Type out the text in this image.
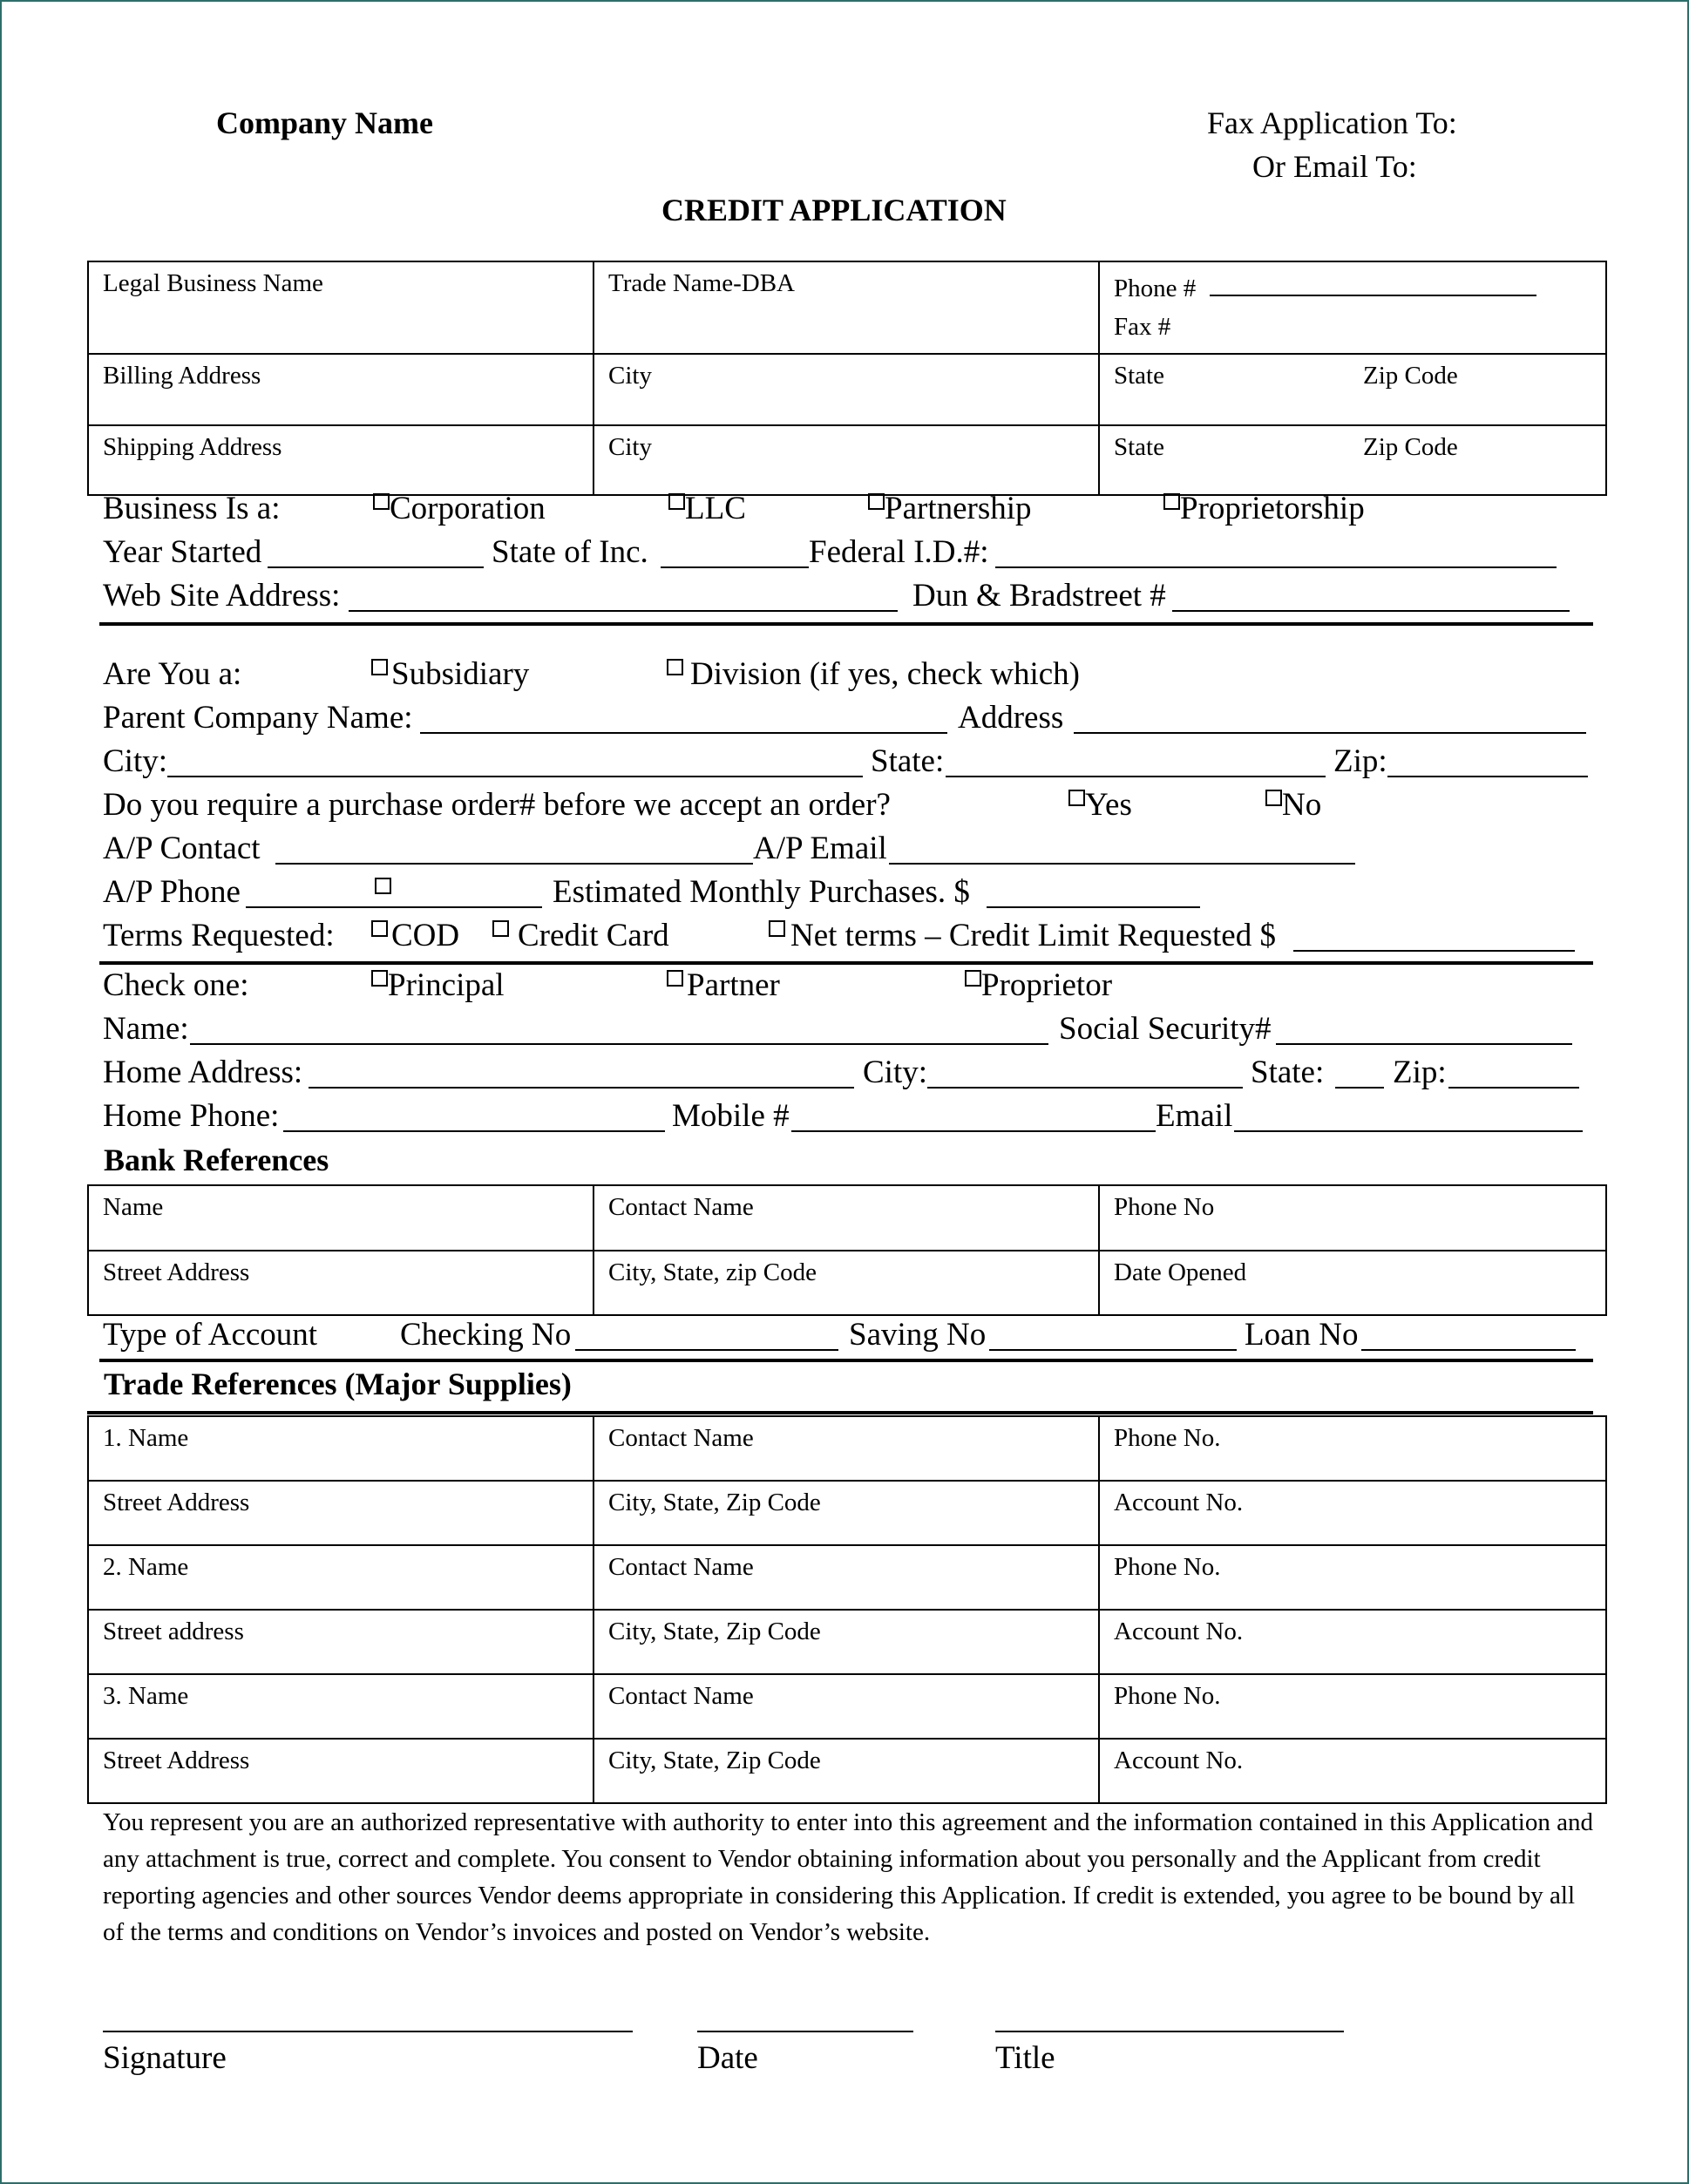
Company Name	Fax Application To:
Or Email To:
CREDIT APPLICATION
Legal Business Name	Trade Name-DBA	Phone #
Fax #

Billing Address	City	State Zip Code
Shipping Address	City	State Zip Code
Business Is a:	Corporation	LLC	Partnership	Proprietorship
Year Started	State of Inc.	Federal I.D.#:
Web Site Address:	Dun & Bradstreet #
Are You a:	Subsidiary	Division (if yes, check which)
Parent Company Name:	Address
City:	State:	Zip:
Do you require a purchase order# before we accept an order?	Yes	No
A/P Contact	A/P Email
A/P Phone	Estimated Monthly Purchases. $
Terms Requested:	COD	Credit Card	Net terms – Credit Limit Requested $
Check one:	Principal	Partner	Proprietor
Name:	Social Security#
Home Address:	City:	State: Zip:
Home Phone:	Mobile #	Email
Bank References
Name	Contact Name	Phone No
Street Address	City, State, zip Code	Date Opened
Type of Account	Checking No	Saving No	Loan No
Trade References (Major Supplies)
1. Name	Contact Name	Phone No.
Street Address	City, State, Zip Code	Account No.
2. Name	Contact Name	Phone No.
Street address	City, State, Zip Code	Account No.
3. Name	Contact Name	Phone No.
Street Address	City, State, Zip Code	Account No.
You represent you are an authorized representative with authority to enter into this agreement and the information contained in this Application and any attachment is true, correct and complete. You consent to Vendor obtaining information about you personally and the Applicant from credit reporting agencies and other sources Vendor deems appropriate in considering this Application. If credit is extended, you agree to be bound by all of the terms and conditions on Vendor’s invoices and posted on Vendor’s website.
Signature	Date	Title
